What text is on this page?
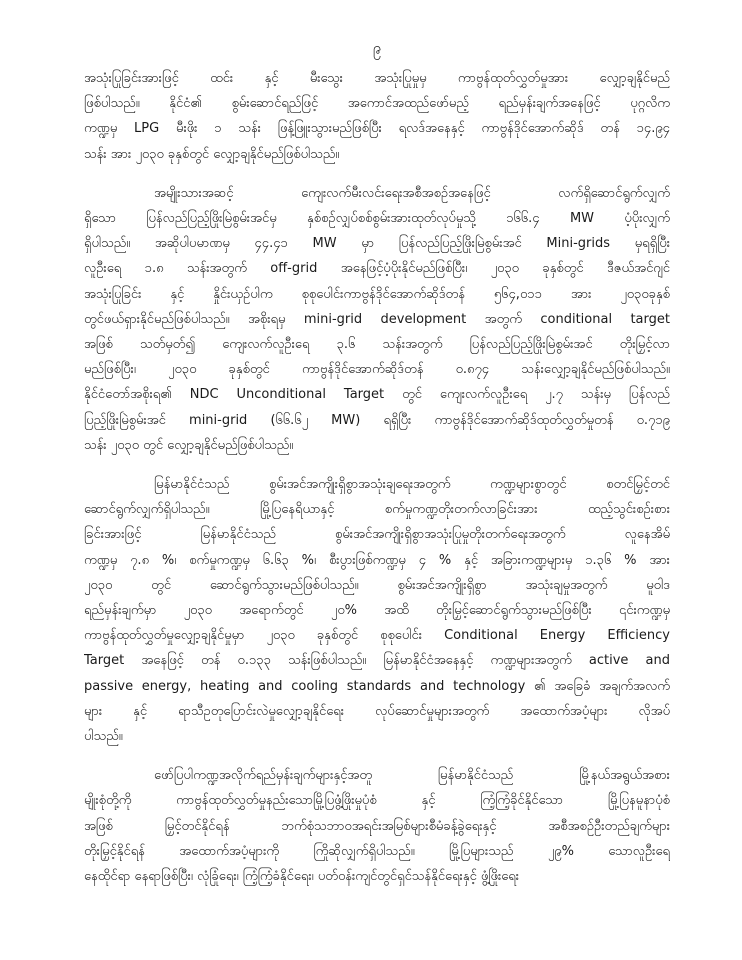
၉
အသုံးပြုခြင်းအားဖြင့် ထင်း နှင့် မီးသွေး အသုံးပြုမှုမှ ကာဗွန်ထုတ်လွှတ်မှုအား လျှော့ချနိုင်မည်
ဖြစ်ပါသည်။ နိုင်ငံ၏ စွမ်းဆောင်ရည်ဖြင့် အကောင်အထည်ဖော်မည့် ရည်မှန်းချက်အနေဖြင့် ပုဂ္ဂလိက
ကဏ္ဍမှ LPG မီးဖိုး ၁ သန်း ဖြန့်ဖြူးသွားမည်ဖြစ်ပြီး ရလဒ်အနေနှင့် ကာဗွန်ဒိုင်အောက်ဆိုဒ် တန် ၁၄.၉၄
သန်း အား ၂၀၃၀ ခုနှစ်တွင် လျှော့ချနိုင်မည်ဖြစ်ပါသည်။
အမျိုးသားအဆင့် ကျေးလက်မီးလင်းရေးအစီအစဉ်အနေဖြင့် လက်ရှိဆောင်ရွက်လျှက်
ရှိသော ပြန်လည်ပြည့်ဖြိုးမြဲစွမ်းအင်မှ နှစ်စဉ်လျှပ်စစ်စွမ်းအားထုတ်လုပ်မှုသို့ ၁၆၆.၄ MW ပံ့ပိုးလျှက်
ရှိပါသည်။ အဆိုပါပမာဏမှ ၄၄.၄၁ MW မှာ ပြန်လည်ပြည့်ဖြိုးမြဲစွမ်းအင် Mini-grids မှရရှိပြီး
လူဦးရေ ၁.၈ သန်းအတွက် off-grid အနေဖြင့်ပံ့ပိုးနိုင်မည်ဖြစ်ပြီး၊ ၂၀၃၀ ခုနှစ်တွင် ဒီဇယ်အင်ဂျင်
အသုံးပြုခြင်း နှင့် နှိုင်းယှဉ်ပါက စုစုပေါင်းကာဗွန်ဒိုင်အောက်ဆိုဒ်တန် ၅၆၄,၀၁၁ အား ၂၀၃၀ခုနှစ်
တွင်ဖယ်ရှားနိုင်မည်ဖြစ်ပါသည်။ အစိုးရမှ mini-grid development အတွက် conditional target
အဖြစ် သတ်မှတ်၍ ကျေးလက်လူဦးရေ ၃.၆ သန်းအတွက် ပြန်လည်ပြည့်ဖြိုးမြဲစွမ်းအင် တိုးမြှင့်လာ
မည်ဖြစ်ပြီး၊ ၂၀၃၀ ခုနှစ်တွင် ကာဗွန်ဒိုင်အောက်ဆိုဒ်တန် ၀.၈၇၄ သန်းလျှော့ချနိုင်မည်ဖြစ်ပါသည်။
နိုင်ငံတော်အစိုးရ၏ NDC Unconditional Target တွင် ကျေးလက်လူဦးရေ ၂.၇ သန်းမှ ပြန်လည်
ပြည့်ဖြိုးမြဲစွမ်းအင် mini-grid (၆၆.၆၂ MW) ရရှိပြီး ကာဗွန်ဒိုင်အောက်ဆိုဒ်ထုတ်လွှတ်မှုတန် ၀.၇၁၉
သန်း ၂၀၃၀ တွင် လျှော့ချနိုင်မည်ဖြစ်ပါသည်။
မြန်မာနိုင်ငံသည် စွမ်းအင်အကျိုးရှိစွာအသုံးချရေးအတွက် ကဏ္ဍများစွာတွင် စတင်မြှင့်တင်
ဆောင်ရွက်လျှက်ရှိပါသည်။ မြို့ပြနေရိယာနှင့် စက်မှုကဏ္ဍတိုးတက်လာခြင်းအား ထည့်သွင်းစဉ်းစား
ခြင်းအားဖြင့် မြန်မာနိုင်ငံသည် စွမ်းအင်အကျိုးရှိစွာအသုံးပြုမှုတိုးတက်ရေးအတွက် လူနေအိမ်
ကဏ္ဍမှ ၇.၈ %၊ စက်မှုကဏ္ဍမှ ၆.၆၃ %၊ စီးပွားဖြစ်ကဏ္ဍမှ ၄ % နှင့် အခြားကဏ္ဍများမှ ၁.၃၆ % အား
၂၀၃၀ တွင် ဆောင်ရွက်သွားမည်ဖြစ်ပါသည်။ စွမ်းအင်အကျိုးရှိစွာ အသုံးချမှုအတွက် မူဝါဒ
ရည်မှန်းချက်မှာ ၂၀၃၀ အရောက်တွင် ၂၀% အထိ တိုးမြှင့်ဆောင်ရွက်သွားမည်ဖြစ်ပြီး ၎င်းကဏ္ဍမှ
ကာဗွန်ထုတ်လွှတ်မှုလျှော့ချနိုင်မှုမှာ ၂၀၃၀ ခုနှစ်တွင် စုစုပေါင်း Conditional Energy Efficiency
Target အနေဖြင့် တန် ၀.၁၃၃ သန်းဖြစ်ပါသည်။ မြန်မာနိုင်ငံအနေနှင့် ကဏ္ဍများအတွက် active and
passive energy, heating and cooling standards and technology ၏ အခြေခံ အချက်အလက်
များ နှင့် ရာသီဥတုပြောင်းလဲမှုလျှော့ချနိုင်ရေး လုပ်ဆောင်မှုများအတွက် အထောက်အပံ့များ လိုအပ်
ပါသည်။
ဖော်ပြပါကဏ္ဍအလိုက်ရည်မှန်းချက်များနှင့်အတူ မြန်မာနိုင်ငံသည် မြို့နယ်အရွယ်အစား
မျိုးစုံတို့ကို ကာဗွန်ထုတ်လွှတ်မှုနည်းသောမြို့ပြဖွံ့ဖြိုးမှုပုံစံ နှင့် ကြံ့ကြံ့ခိုင်နိုင်သော မြို့ပြနမူနာပုံစံ
အဖြစ် မြှင့်တင်နိုင်ရန် ဘက်စုံသဘာဝအရင်းအမြစ်များစီမံခန့်ခွဲရေးနှင့် အစီအစဉ်ဦးတည်ချက်များ
တိုးမြှင့်နိုင်ရန် အထောက်အပံ့များကို ကြိုဆိုလျှက်ရှိပါသည်။ မြို့ပြများသည် ၂၉% သောလူဦးရေ
နေထိုင်ရာ နေရာဖြစ်ပြီး၊ လုံခြုံရေး၊ ကြံ့ကြံ့ခံနိုင်ရေး၊ ပတ်ဝန်းကျင်တွင်ရှင်သန်နိုင်ရေးနှင့် ဖွံ့ဖြိုးရေး
